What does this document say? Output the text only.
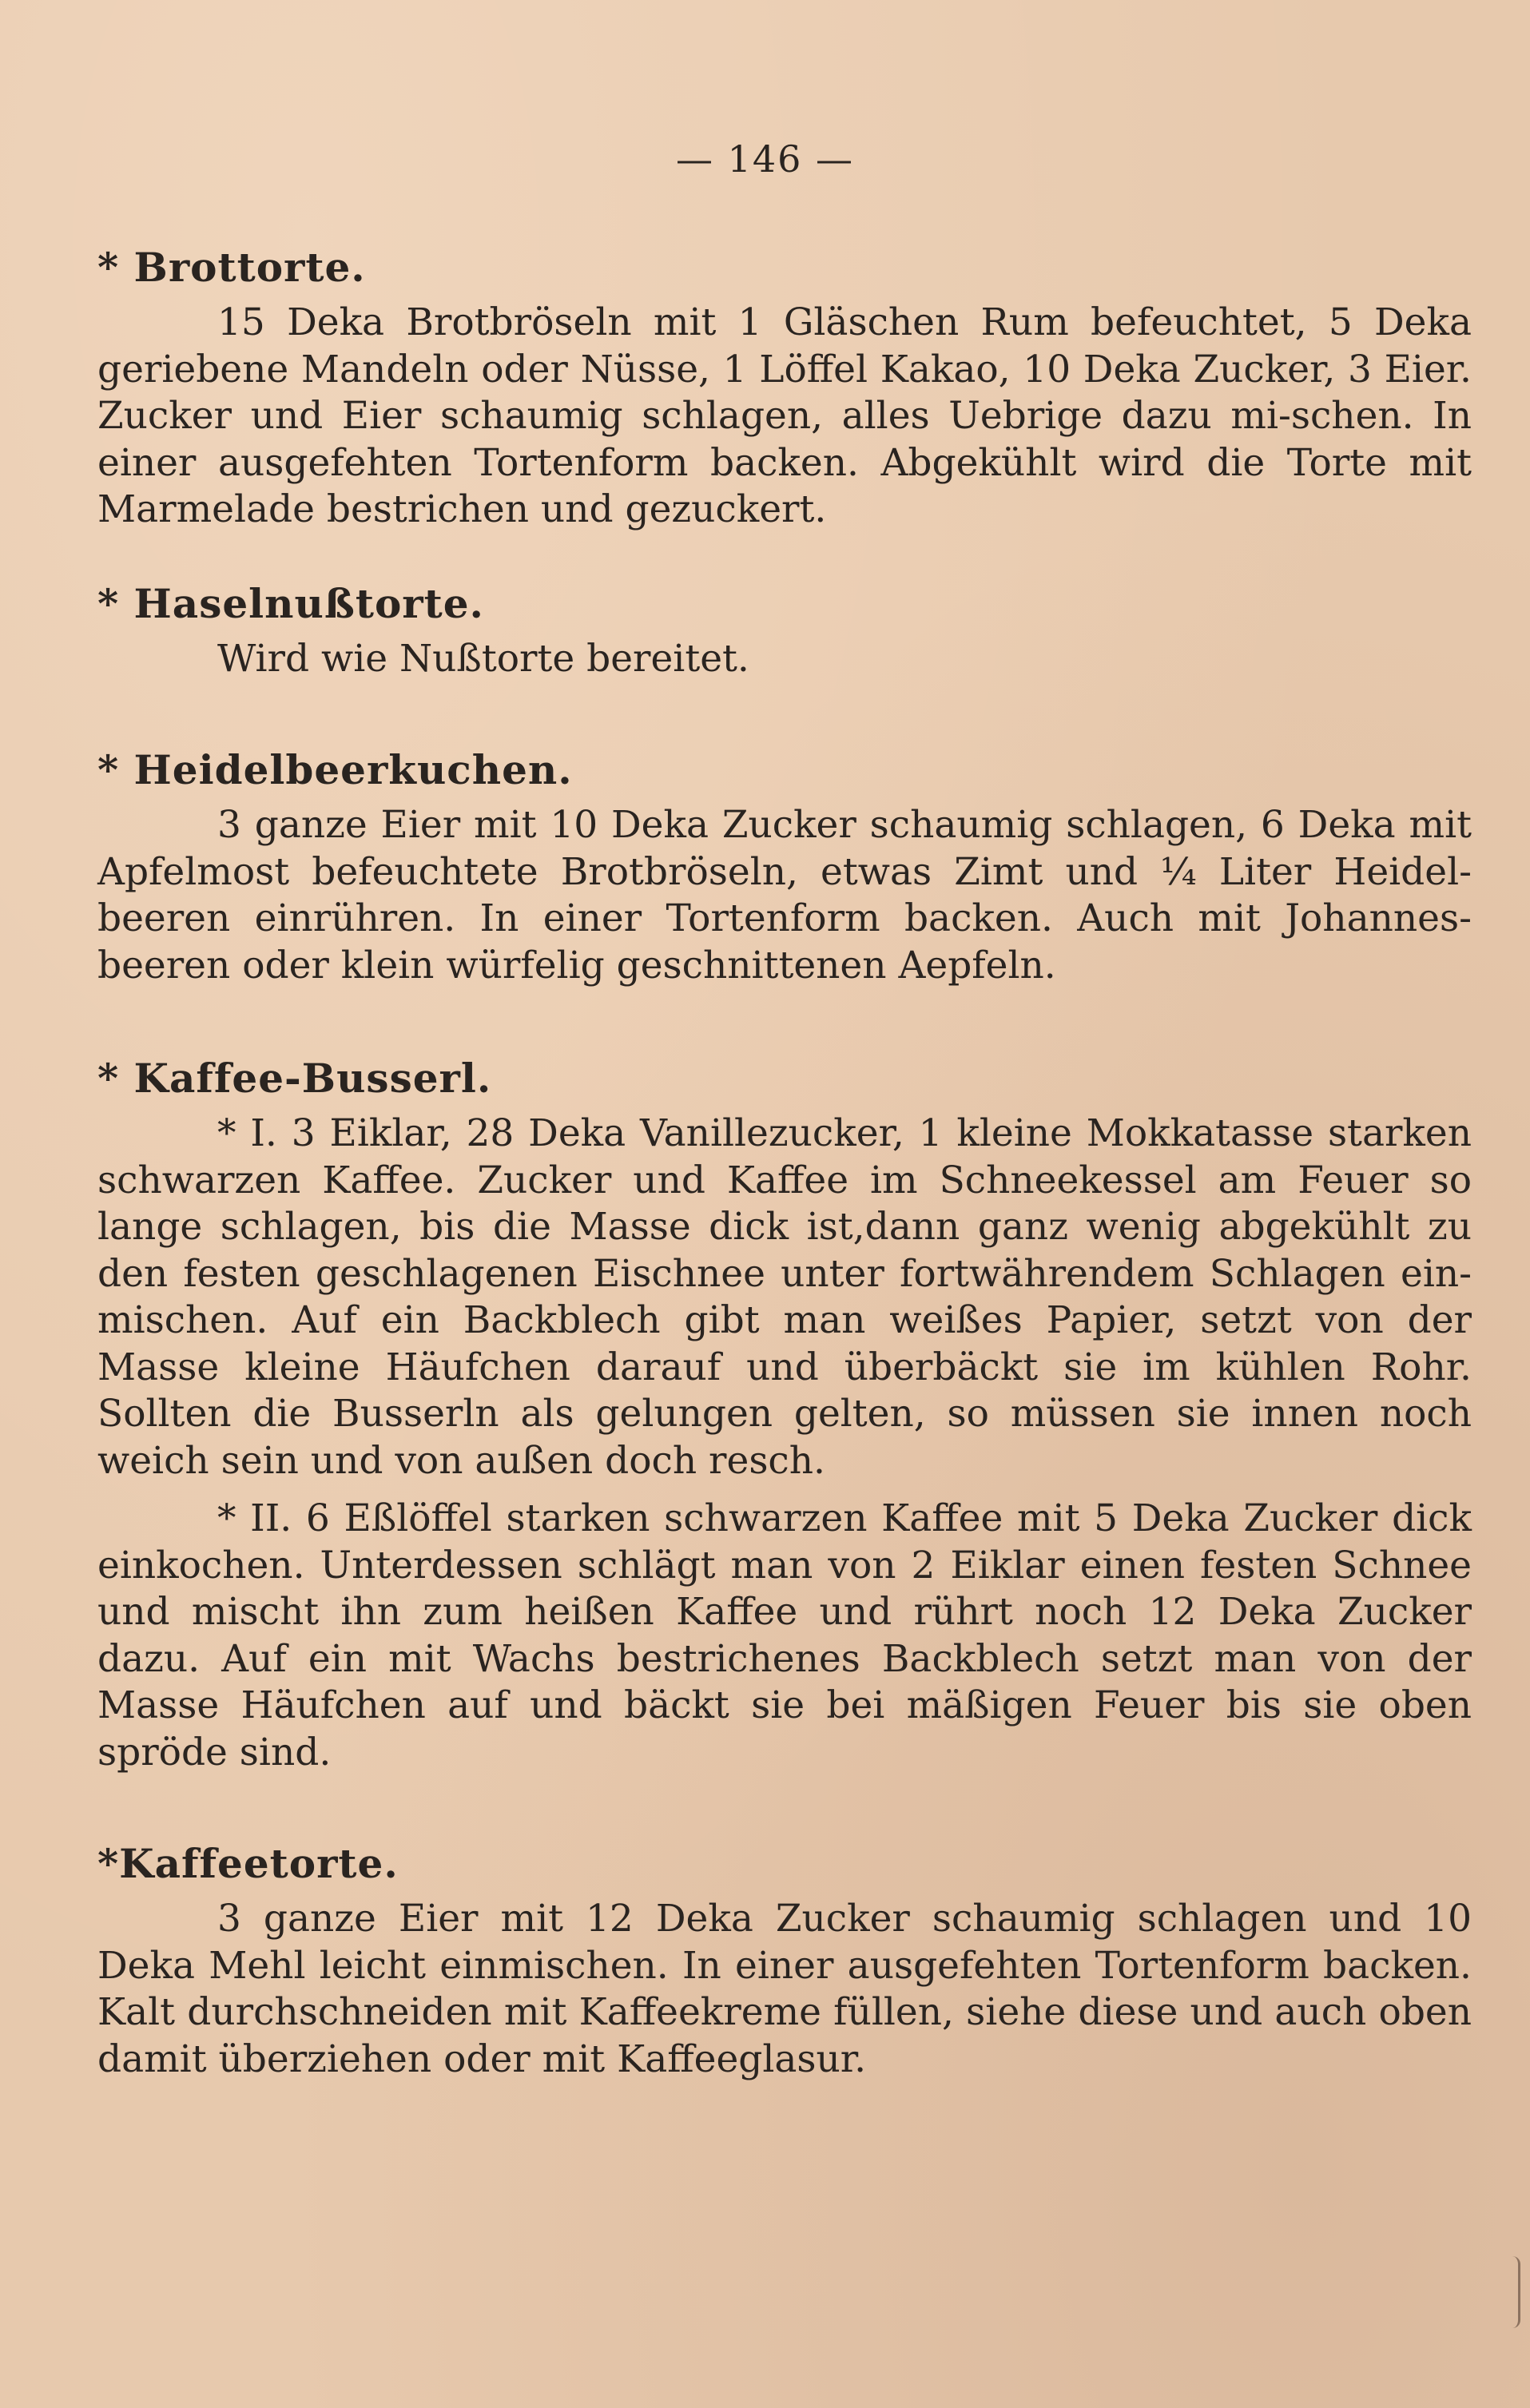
— 146 —
* Brottorte.

15 Deka Brotbröseln mit 1 Gläschen Rum befeuchtet, 5 Deka geriebene Mandeln oder Nüsse, 1 Löffel Kakao, 10 Deka Zucker, 3 Eier. Zucker und Eier schaumig schlagen, alles Uebrige dazu mi-schen. In einer ausgefehten Tortenform backen. Abgekühlt wird die Torte mit Marmelade bestrichen und gezuckert.

* Haselnußtorte.

Wird wie Nußtorte bereitet.

* Heidelbeerkuchen.

3 ganze Eier mit 10 Deka Zucker schaumig schlagen, 6 Deka mit Apfelmost befeuchtete Brotbröseln, etwas Zimt und ¼ Liter Heidel-beeren einrühren. In einer Tortenform backen. Auch mit Johannes-beeren oder klein würfelig geschnittenen Aepfeln.

* Kaffee-Busserl.

* I. 3 Eiklar, 28 Deka Vanillezucker, 1 kleine Mokkatasse starken schwarzen Kaffee. Zucker und Kaffee im Schneekessel am Feuer so lange schlagen, bis die Masse dick ist,dann ganz wenig abgekühlt zu den festen geschlagenen Eischnee unter fortwährendem Schlagen ein-mischen. Auf ein Backblech gibt man weißes Papier, setzt von der Masse kleine Häufchen darauf und überbäckt sie im kühlen Rohr. Sollten die Busserln als gelungen gelten, so müssen sie innen noch weich sein und von außen doch resch.

* II. 6 Eßlöffel starken schwarzen Kaffee mit 5 Deka Zucker dick einkochen. Unterdessen schlägt man von 2 Eiklar einen festen Schnee und mischt ihn zum heißen Kaffee und rührt noch 12 Deka Zucker dazu. Auf ein mit Wachs bestrichenes Backblech setzt man von der Masse Häufchen auf und bäckt sie bei mäßigen Feuer bis sie oben spröde sind.

*Kaffeetorte.

3 ganze Eier mit 12 Deka Zucker schaumig schlagen und 10 Deka Mehl leicht einmischen. In einer ausgefehten Tortenform backen. Kalt durchschneiden mit Kaffeekreme füllen, siehe diese und auch oben damit überziehen oder mit Kaffeeglasur.
